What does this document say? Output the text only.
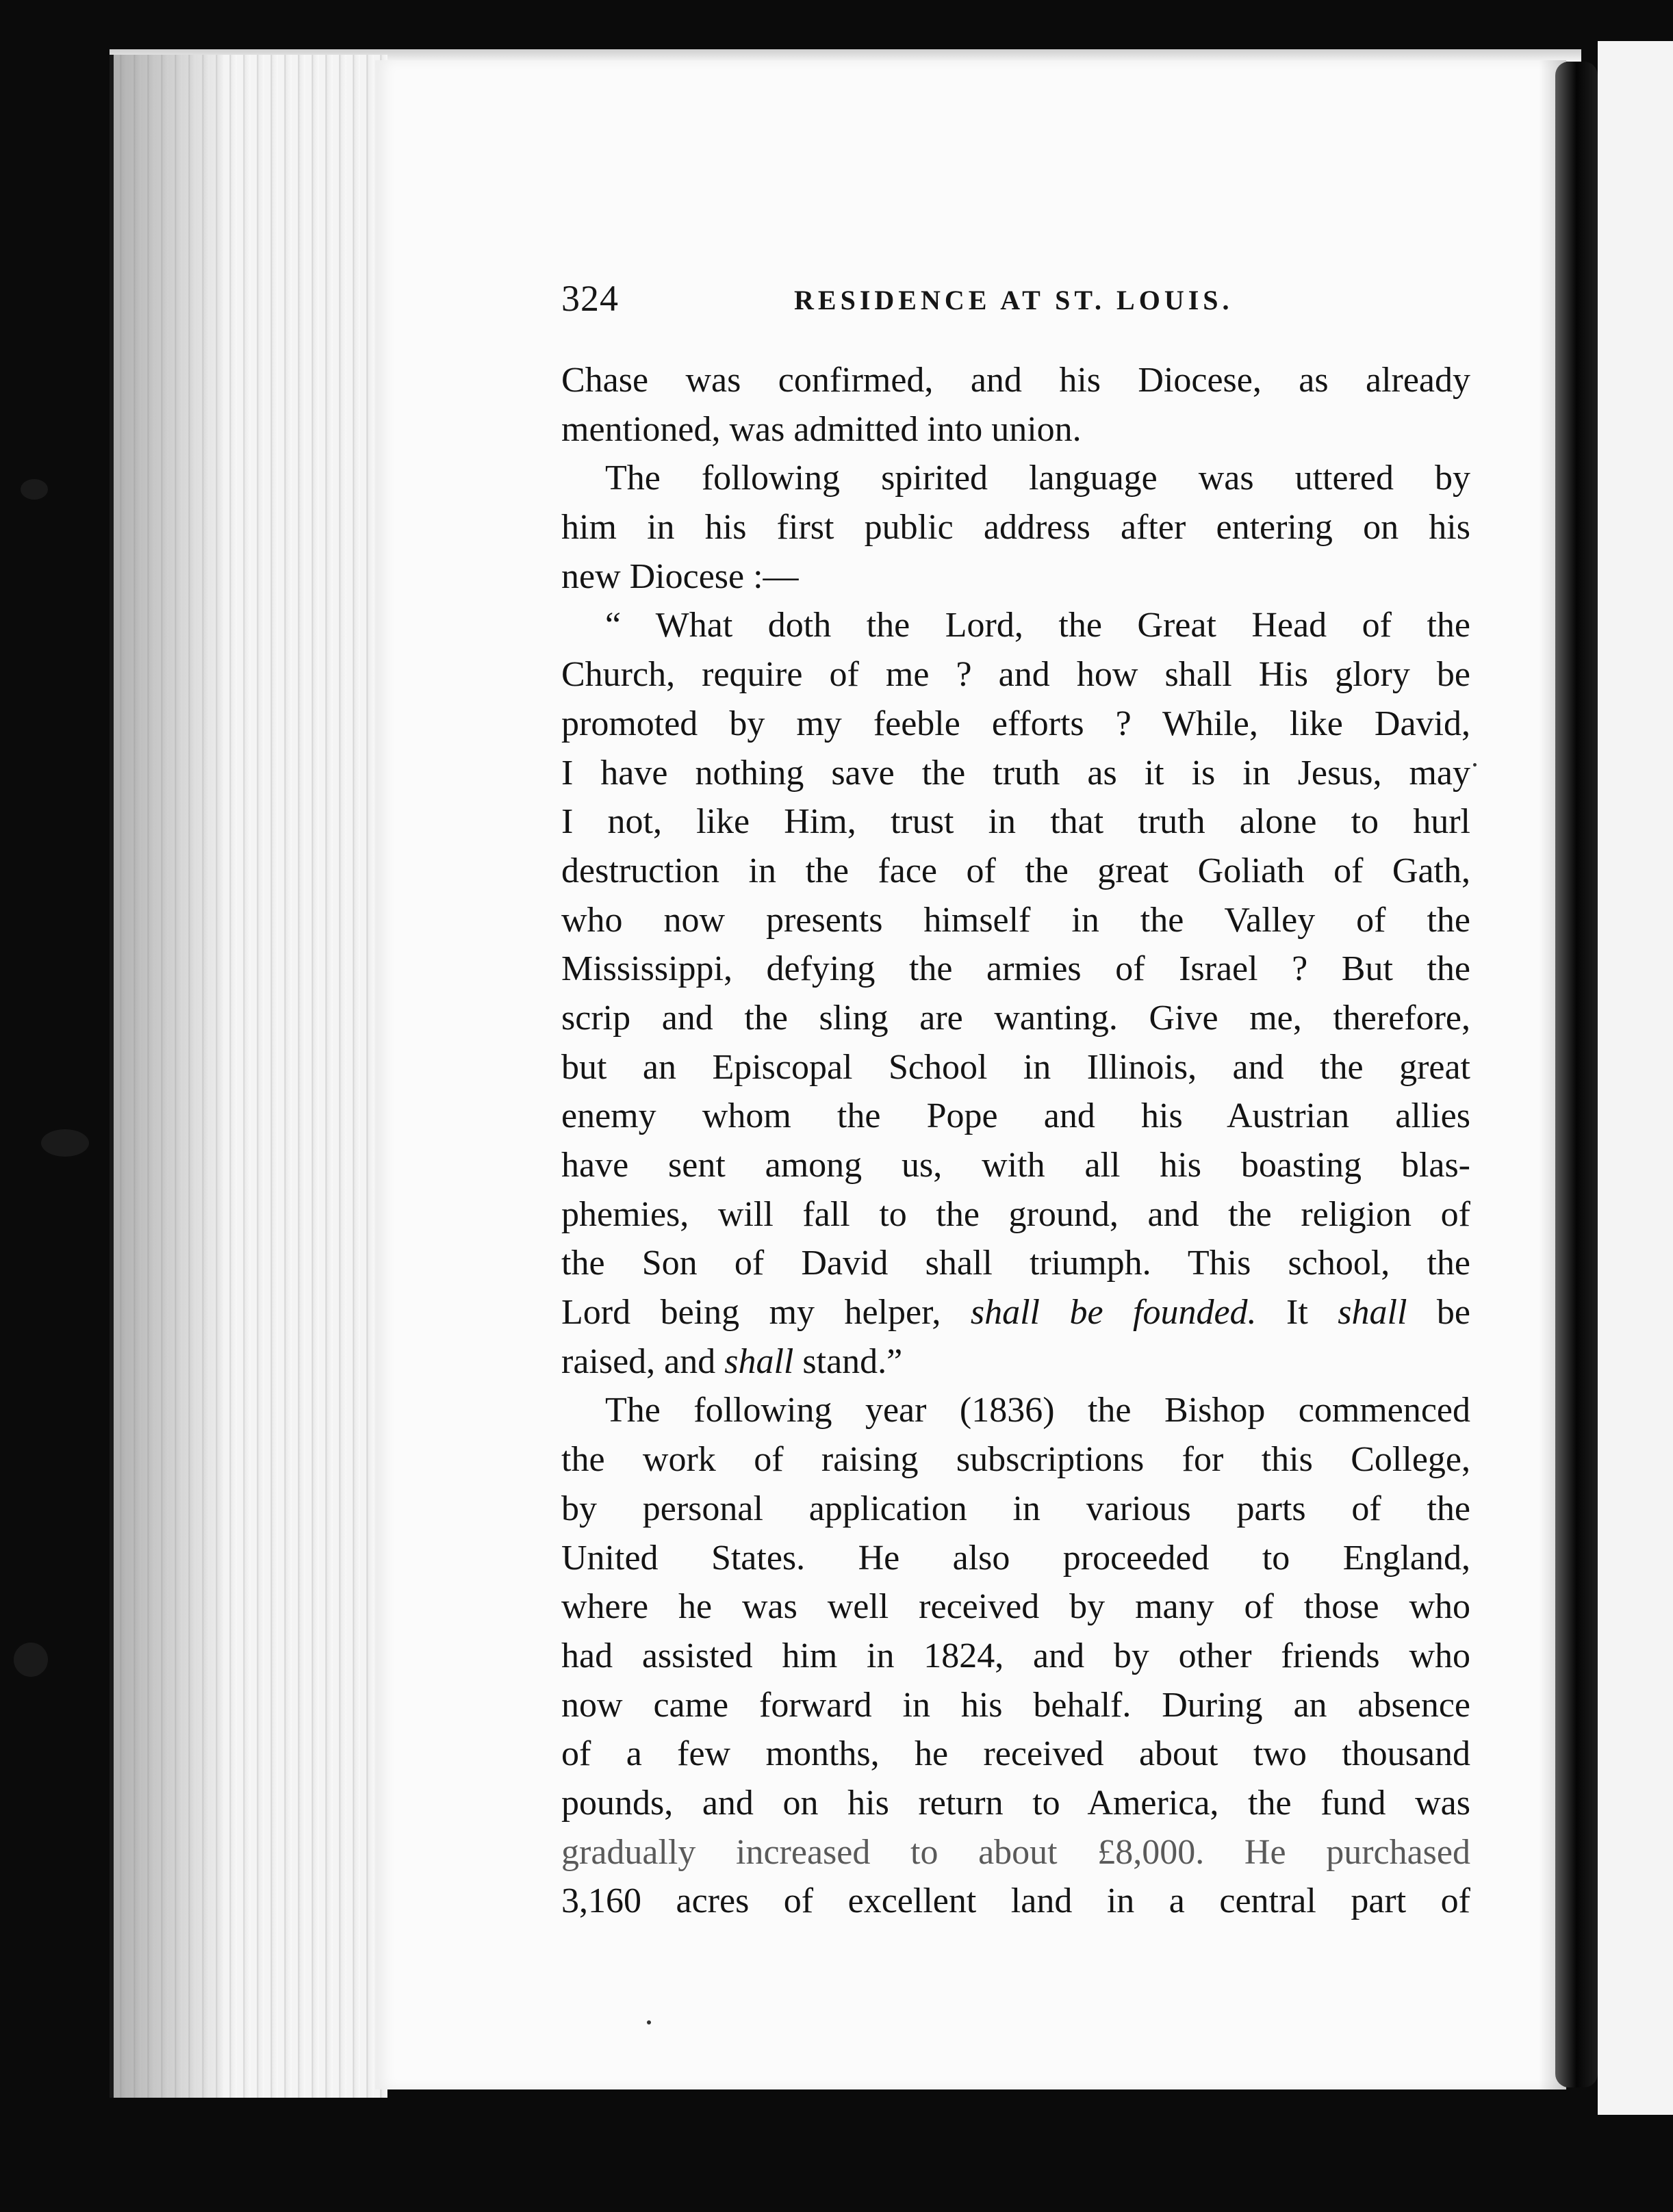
324	RESIDENCE AT ST. LOUIS.
Chase was confirmed, and his Diocese, as already
mentioned, was admitted into union.
The following spirited language was uttered by
him in his first public address after entering on his
new Diocese :—
“ What doth the Lord, the Great Head of the
Church, require of me ? and how shall His glory be
promoted by my feeble efforts ? While, like David,
I have nothing save the truth as it is in Jesus, may
I not, like Him, trust in that truth alone to hurl
destruction in the face of the great Goliath of Gath,
who now presents himself in the Valley of the
Mississippi, defying the armies of Israel ? But the
scrip and the sling are wanting. Give me, therefore,
but an Episcopal School in Illinois, and the great
enemy whom the Pope and his Austrian allies
have sent among us, with all his boasting blas-
phemies, will fall to the ground, and the religion of
the Son of David shall triumph. This school, the
Lord being my helper, shall be founded. It shall be
raised, and shall stand.”
The following year (1836) the Bishop commenced
the work of raising subscriptions for this College,
by personal application in various parts of the
United States. He also proceeded to England,
where he was well received by many of those who
had assisted him in 1824, and by other friends who
now came forward in his behalf. During an absence
of a few months, he received about two thousand
pounds, and on his return to America, the fund was
gradually increased to about £8,000. He purchased
3,160 acres of excellent land in a central part of
